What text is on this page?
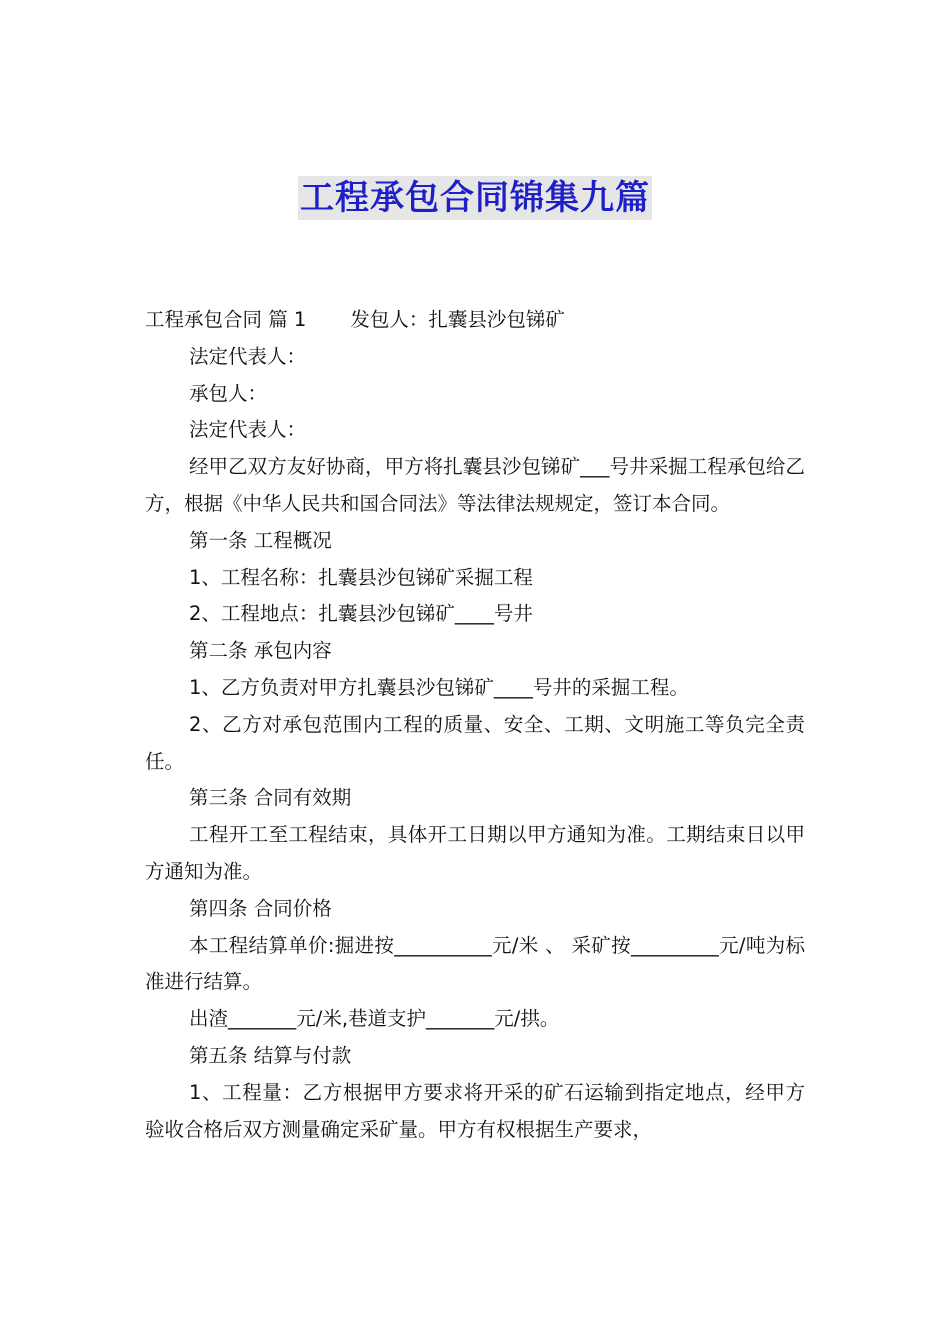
工程承包合同锦集九篇

工程承包合同 篇 1 发包人：扎囊县沙包锑矿

法定代表人：

承包人：

法定代表人：

经甲乙双方友好协商，甲方将扎囊县沙包锑矿___号井采掘工程承包给乙方，根据《中华人民共和国合同法》等法律法规规定，签订本合同。

第一条 工程概况

1、工程名称：扎囊县沙包锑矿采掘工程

2、工程地点：扎囊县沙包锑矿____号井

第二条 承包内容

1、乙方负责对甲方扎囊县沙包锑矿____号井的采掘工程。

2、乙方对承包范围内工程的质量、安全、工期、文明施工等负完全责任。

第三条 合同有效期

工程开工至工程结束，具体开工日期以甲方通知为准。工期结束日以甲方通知为准。

第四条 合同价格

本工程结算单价:掘进按__________元/米 、 采矿按_________元/吨为标准进行结算。

出渣_______元/米,巷道支护_______元/拱。

第五条 结算与付款

1、工程量：乙方根据甲方要求将开采的矿石运输到指定地点，经甲方验收合格后双方测量确定采矿量。甲方有权根据生产要求，
